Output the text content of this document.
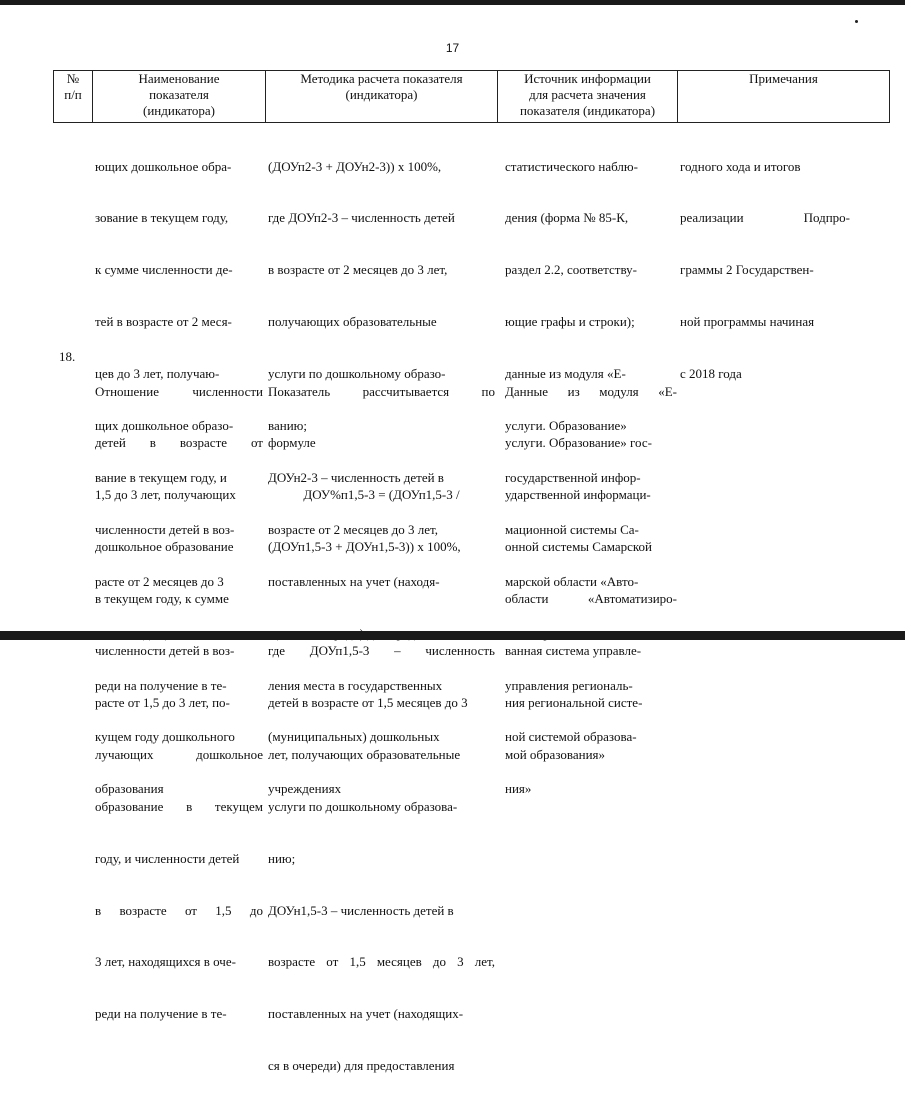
17
№
п/п
Наименование
показателя
(индикатора)
Методика расчета показателя
(индикатора)
Источник информации
для расчета значения
показателя (индикатора)
Примечания

ющих дошкольное обра-

зование в текущем году,

к сумме численности де-

тей в возрасте от 2 меся-

цев до 3 лет, получаю-

щих дошкольное образо-

вание в текущем году, и

численности детей в воз-

расте от 2 месяцев до 3

реди на получение в те-

кущем году дошкольного

образования

(ДОУп2-3 + ДОУн2-3)) x 100%,

где ДОУп2-3 – численность детей

в возрасте от 2 месяцев до 3 лет,

получающих образовательные

услуги по дошкольному образо-

ванию;

ДОУн2-3 – численность детей в

возрасте от 2 месяцев до 3 лет,

поставленных на учет (находя-

ления места в государственных

(муниципальных) дошкольных

учреждениях

статистического наблю-

дения (форма № 85-К,

раздел 2.2, соответству-

ющие графы и строки);

данные из модуля «Е-

услуги. Образование»

государственной инфор-

мационной системы Са-

марской области «Авто-

управления региональ-

ной системой образова-

ния»

годного хода и итогов

реализации Подпро-

граммы 2 Государствен-

ной программы начиная

с 2018 года

18.

Отношение численности

детей в возрасте от

1,5 до 3 лет, получающих

дошкольное образование

в текущем году, к сумме

численности детей в воз-

расте от 1,5 до 3 лет, по-

лучающих дошкольное

образование в текущем

году, и численности детей

в возрасте от 1,5 до

3 лет, находящихся в оче-

реди на получение в те-

Показатель рассчитывается по

формуле

ДОУ%п1,5-3 = (ДОУп1,5-3 /

(ДОУп1,5-3 + ДОУн1,5-3)) x 100%,

где ДОУп1,5-3 – численность

детей в возрасте от 1,5 месяцев до 3

лет, получающих образовательные

услуги по дошкольному образова-

нию;

ДОУн1,5-3 – численность детей в

возрасте от 1,5 месяцев до 3 лет,

поставленных на учет (находящих-

ся в очереди) для предоставления

Данные из модуля «Е-

услуги. Образование» гос-

ударственной информаци-

онной системы Самарской

области «Автоматизиро-

ванная система управле-

ния региональной систе-

мой образования»
